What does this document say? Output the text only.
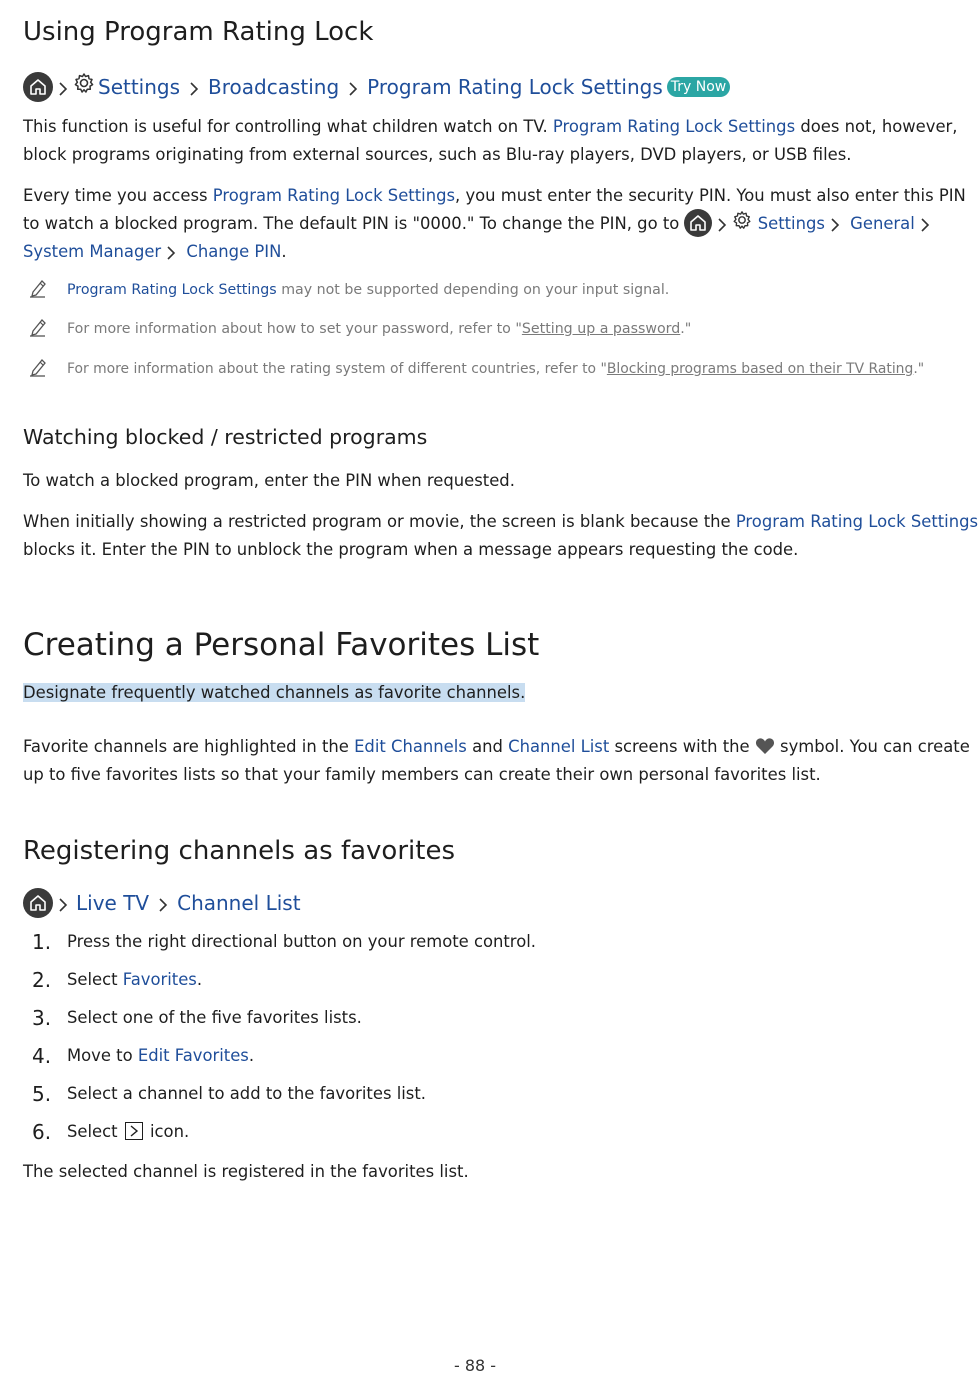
Using Program Rating Lock
Settings Broadcasting Program Rating Lock Settings Try Now

This function is useful for controlling what children watch on TV. Program Rating Lock Settings does not, however,

block programs originating from external sources, such as Blu-ray players, DVD players, or USB files.

Every time you access Program Rating Lock Settings, you must enter the security PIN. You must also enter this PIN

to watch a blocked program. The default PIN is "0000." To change the PIN, go to	Settings General

System Manager Change PIN.

Program Rating Lock Settings may not be supported depending on your input signal.
For more information about how to set your password, refer to "Setting up a password."
For more information about the rating system of different countries, refer to "Blocking programs based on their TV Rating."
Watching blocked / restricted programs

To watch a blocked program, enter the PIN when requested.

When initially showing a restricted program or movie, the screen is blank because the Program Rating Lock Settings

blocks it. Enter the PIN to unblock the program when a message appears requesting the code.

Creating a Personal Favorites List

Designate frequently watched channels as favorite channels.

Favorite channels are highlighted in the Edit Channels and Channel List screens with the  symbol. You can create

up to five favorites lists so that your family members can create their own personal favorites list.

Registering channels as favorites
Live TV Channel List
1. Press the right directional button on your remote control.
2. Select Favorites.
3. Select one of the five favorites lists.
4. Move to Edit Favorites.
5. Select a channel to add to the favorites list.
6. Select
icon.

The selected channel is registered in the favorites list.

- 88 -
